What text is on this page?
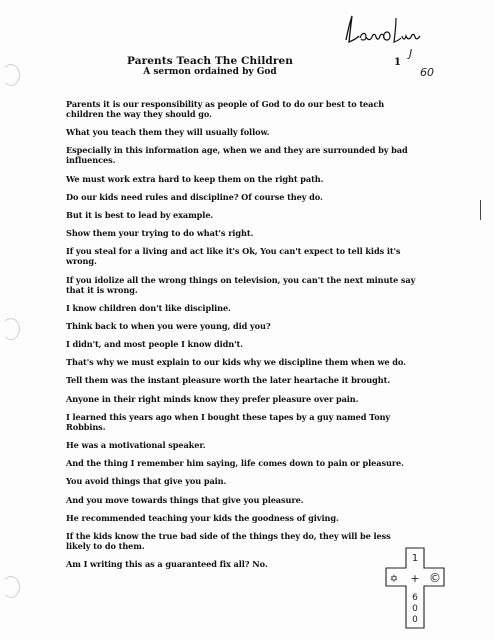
Parents Teach The Children
A sermon ordained by God
1
J
60

Parents it is our responsibility as people of God to do our best to teach children the way they should go.

What you teach them they will usually follow.

Especially in this information age, when we and they are surrounded by bad influences.

We must work extra hard to keep them on the right path.

Do our kids need rules and discipline? Of course they do.

But it is best to lead by example.

Show them your trying to do what's right.

If you steal for a living and act like it's Ok, You can't expect to tell kids it's wrong.

If you idolize all the wrong things on television, you can't the next minute say that it is wrong.

I know children don't like discipline.

Think back to when you were young, did you?

I didn't, and most people I know didn't.

That's why we must explain to our kids why we discipline them when we do.

Tell them was the instant pleasure worth the later heartache it brought.

Anyone in their right minds know they prefer pleasure over pain.

I learned this years ago when I bought these tapes by a guy named Tony Robbins.

He was a motivational speaker.

And the thing I remember him saying, life comes down to pain or pleasure.

You avoid things that give you pain.

And you move towards things that give you pleasure.

He recommended teaching your kids the goodness of giving.

If the kids know the true bad side of the things they do, they will be less likely to do them.

Am I writing this as a guaranteed fix all? No.

1
✡ + ©
6
0
0
